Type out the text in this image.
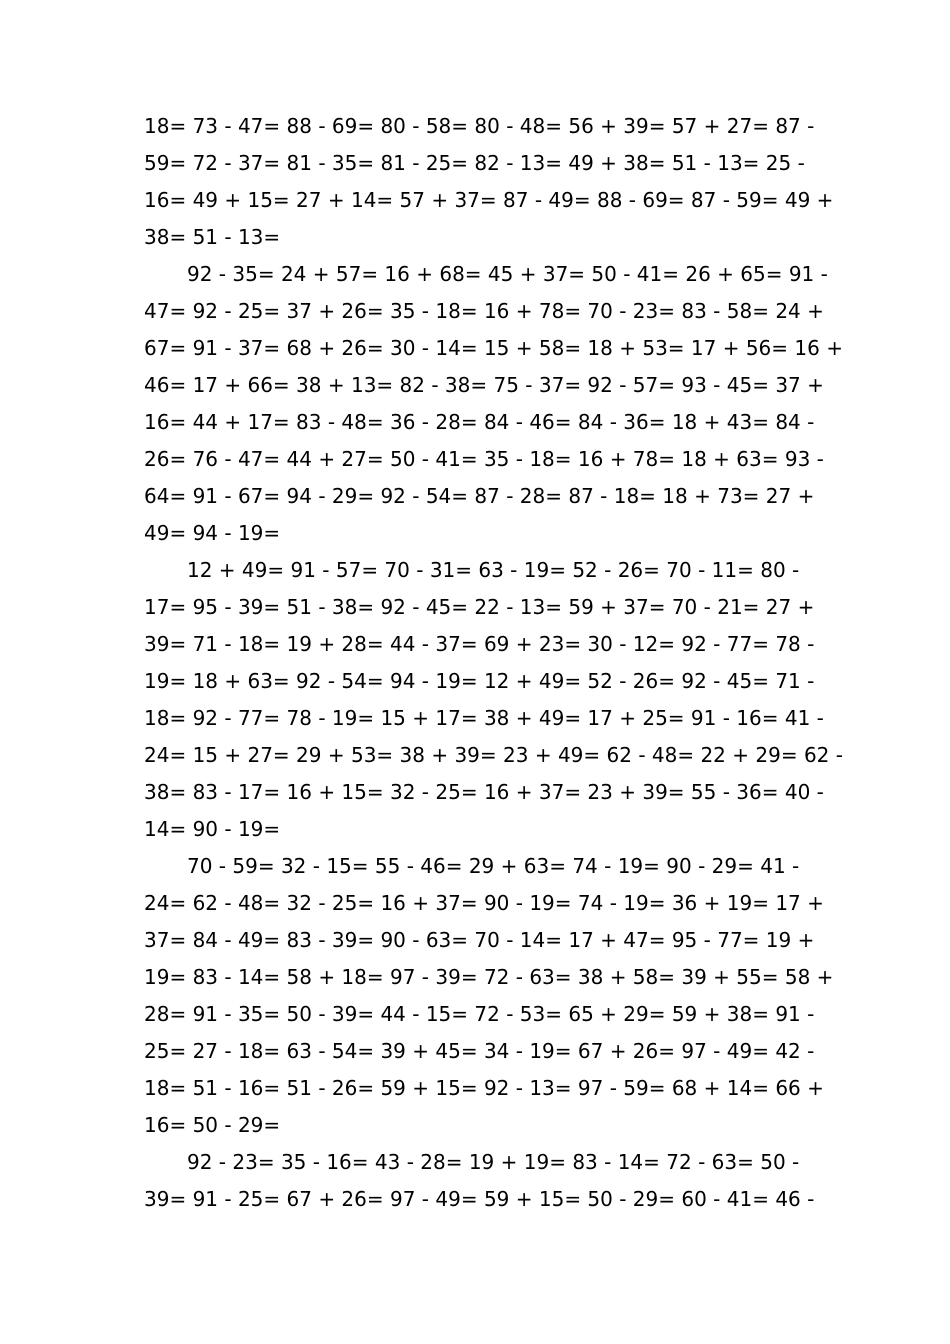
18= 73 - 47= 88 - 69= 80 - 58= 80 - 48= 56 + 39= 57 + 27= 87 -
59= 72 - 37= 81 - 35= 81 - 25= 82 - 13= 49 + 38= 51 - 13= 25 -
16= 49 + 15= 27 + 14= 57 + 37= 87 - 49= 88 - 69= 87 - 59= 49 +
38= 51 - 13=
92 - 35= 24 + 57= 16 + 68= 45 + 37= 50 - 41= 26 + 65= 91 -
47= 92 - 25= 37 + 26= 35 - 18= 16 + 78= 70 - 23= 83 - 58= 24 +
67= 91 - 37= 68 + 26= 30 - 14= 15 + 58= 18 + 53= 17 + 56= 16 +
46= 17 + 66= 38 + 13= 82 - 38= 75 - 37= 92 - 57= 93 - 45= 37 +
16= 44 + 17= 83 - 48= 36 - 28= 84 - 46= 84 - 36= 18 + 43= 84 -
26= 76 - 47= 44 + 27= 50 - 41= 35 - 18= 16 + 78= 18 + 63= 93 -
64= 91 - 67= 94 - 29= 92 - 54= 87 - 28= 87 - 18= 18 + 73= 27 +
49= 94 - 19=
12 + 49= 91 - 57= 70 - 31= 63 - 19= 52 - 26= 70 - 11= 80 -
17= 95 - 39= 51 - 38= 92 - 45= 22 - 13= 59 + 37= 70 - 21= 27 +
39= 71 - 18= 19 + 28= 44 - 37= 69 + 23= 30 - 12= 92 - 77= 78 -
19= 18 + 63= 92 - 54= 94 - 19= 12 + 49= 52 - 26= 92 - 45= 71 -
18= 92 - 77= 78 - 19= 15 + 17= 38 + 49= 17 + 25= 91 - 16= 41 -
24= 15 + 27= 29 + 53= 38 + 39= 23 + 49= 62 - 48= 22 + 29= 62 -
38= 83 - 17= 16 + 15= 32 - 25= 16 + 37= 23 + 39= 55 - 36= 40 -
14= 90 - 19=
70 - 59= 32 - 15= 55 - 46= 29 + 63= 74 - 19= 90 - 29= 41 -
24= 62 - 48= 32 - 25= 16 + 37= 90 - 19= 74 - 19= 36 + 19= 17 +
37= 84 - 49= 83 - 39= 90 - 63= 70 - 14= 17 + 47= 95 - 77= 19 +
19= 83 - 14= 58 + 18= 97 - 39= 72 - 63= 38 + 58= 39 + 55= 58 +
28= 91 - 35= 50 - 39= 44 - 15= 72 - 53= 65 + 29= 59 + 38= 91 -
25= 27 - 18= 63 - 54= 39 + 45= 34 - 19= 67 + 26= 97 - 49= 42 -
18= 51 - 16= 51 - 26= 59 + 15= 92 - 13= 97 - 59= 68 + 14= 66 +
16= 50 - 29=
92 - 23= 35 - 16= 43 - 28= 19 + 19= 83 - 14= 72 - 63= 50 -
39= 91 - 25= 67 + 26= 97 - 49= 59 + 15= 50 - 29= 60 - 41= 46 -
